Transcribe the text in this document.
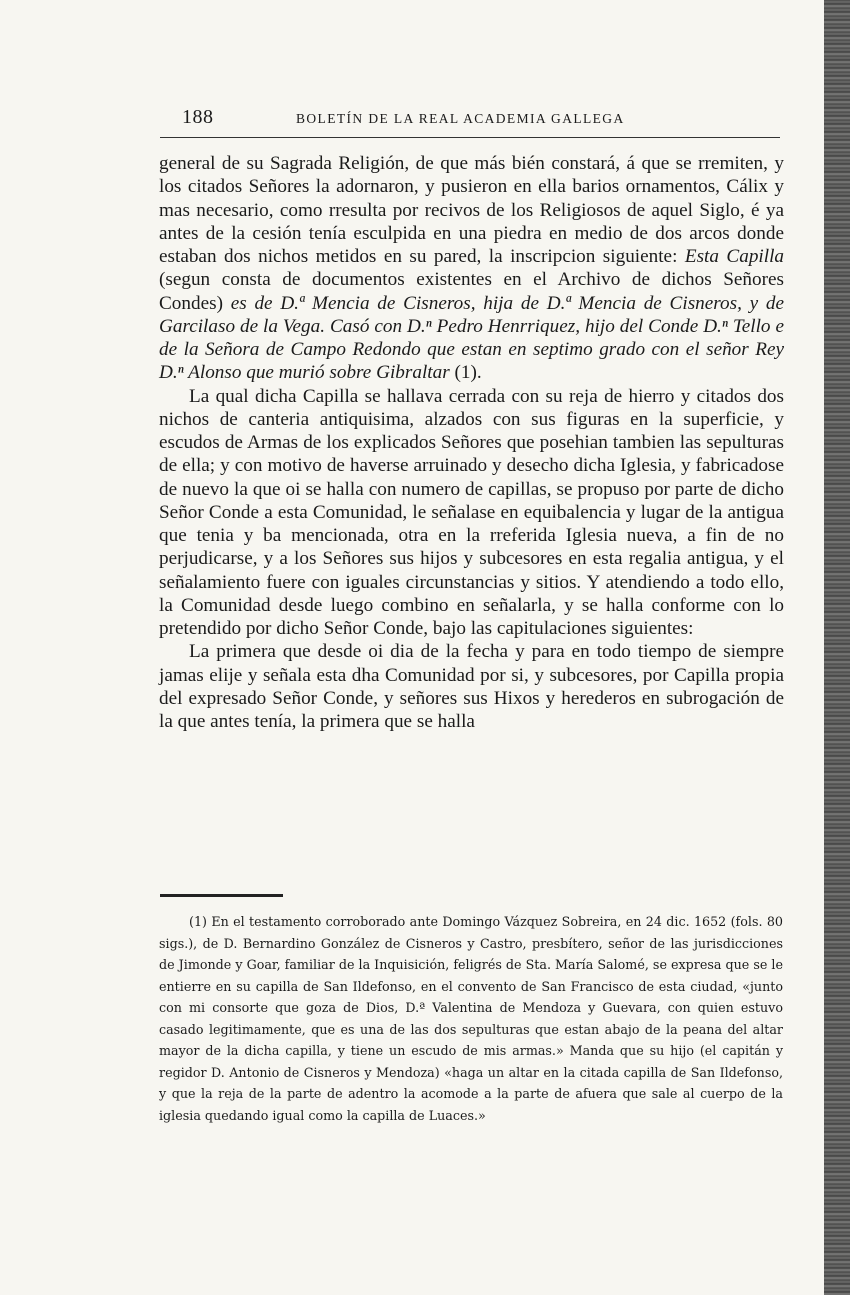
188	BOLETÍN DE LA REAL ACADEMIA GALLEGA

general de su Sagrada Religión, de que más bién constará, á que se rremiten, y los citados Señores la adornaron, y pusieron en ella barios ornamentos, Cálix y mas necesario, como rresulta por recivos de los Religiosos de aquel Siglo, é ya antes de la cesión tenía esculpida en una piedra en medio de dos arcos donde estaban dos nichos metidos en su pared, la inscripcion siguiente: Esta Capilla (segun consta de documentos existentes en el Archivo de dichos Señores Condes) es de D.ª Mencia de Cisneros, hija de D.ª Mencia de Cisneros, y de Garcilaso de la Vega. Casó con D.ⁿ Pedro Henrriquez, hijo del Conde D.ⁿ Tello e de la Señora de Campo Redondo que estan en septimo grado con el señor Rey D.ⁿ Alonso que murió sobre Gibraltar (1).

La qual dicha Capilla se hallava cerrada con su reja de hierro y citados dos nichos de canteria antiquisima, alzados con sus figuras en la superficie, y escudos de Armas de los explicados Señores que posehian tambien las sepulturas de ella; y con motivo de haverse arruinado y desecho dicha Iglesia, y fabricadose de nuevo la que oi se halla con numero de capillas, se propuso por parte de dicho Señor Conde a esta Comunidad, le señalase en equibalencia y lugar de la antigua que tenia y ba mencionada, otra en la rreferida Iglesia nueva, a fin de no perjudicarse, y a los Señores sus hijos y subcesores en esta regalia antigua, y el señalamiento fuere con iguales circunstancias y sitios. Y atendiendo a todo ello, la Comunidad desde luego combino en señalarla, y se halla conforme con lo pretendido por dicho Señor Conde, bajo las capitulaciones siguientes:

La primera que desde oi dia de la fecha y para en todo tiempo de siempre jamas elije y señala esta dha Comunidad por si, y subcesores, por Capilla propia del expresado Señor Conde, y señores sus Hixos y herederos en subrogación de la que antes tenía, la primera que se halla

(1) En el testamento corroborado ante Domingo Vázquez Sobreira, en 24 dic. 1652 (fols. 80 sigs.), de D. Bernardino González de Cisneros y Castro, presbítero, señor de las jurisdicciones de Jimonde y Goar, familiar de la Inquisición, feligrés de Sta. María Salomé, se expresa que se le entierre en su capilla de San Ildefonso, en el convento de San Francisco de esta ciudad, «junto con mi consorte que goza de Dios, D.ª Valentina de Mendoza y Guevara, con quien estuvo casado legitimamente, que es una de las dos sepulturas que estan abajo de la peana del altar mayor de la dicha capilla, y tiene un escudo de mis armas.» Manda que su hijo (el capitán y regidor D. Antonio de Cisneros y Mendoza) «haga un altar en la citada capilla de San Ildefonso, y que la reja de la parte de adentro la acomode a la parte de afuera que sale al cuerpo de la iglesia quedando igual como la capilla de Luaces.»
